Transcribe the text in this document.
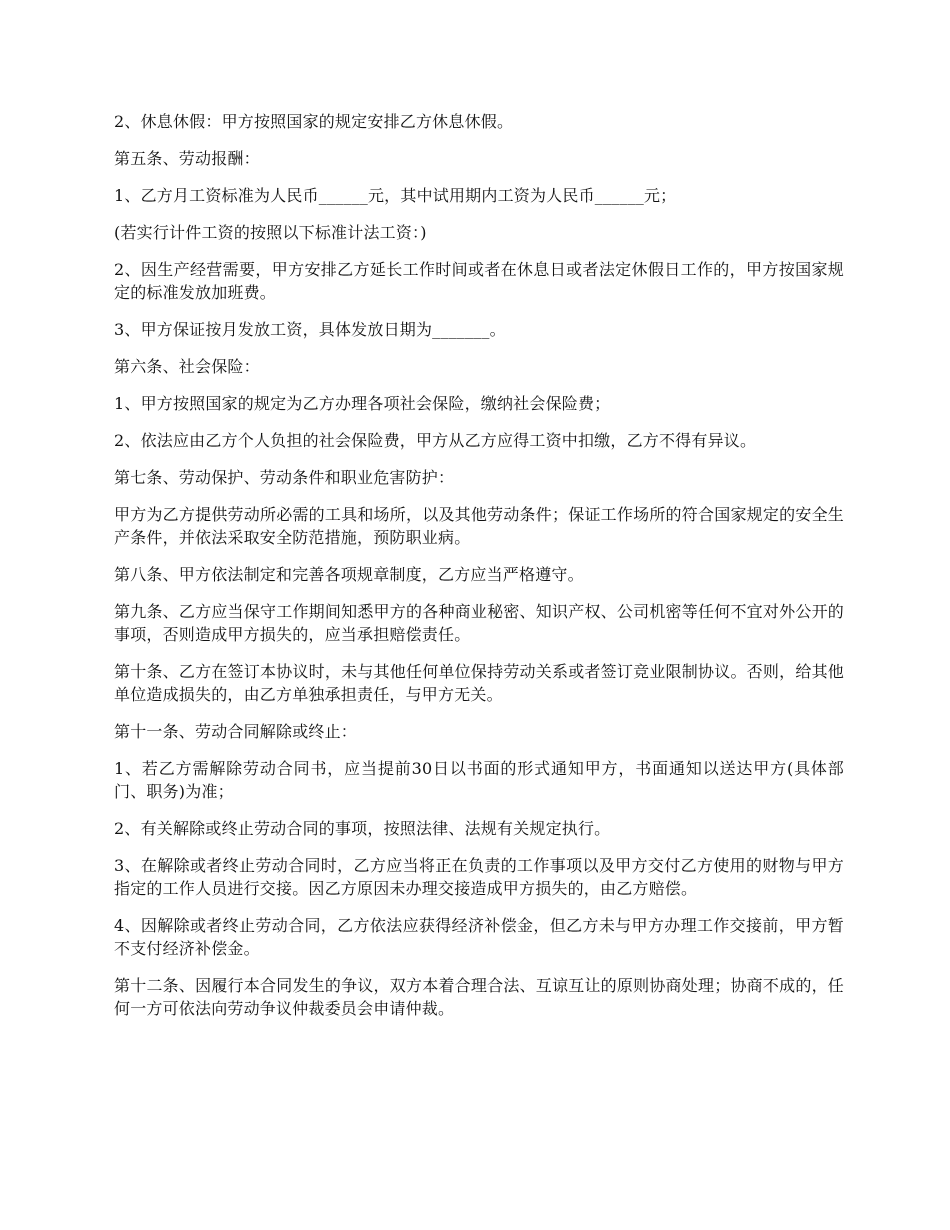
2、休息休假：甲方按照国家的规定安排乙方休息休假。

第五条、劳动报酬：

1、乙方月工资标准为人民币______元，其中试用期内工资为人民币______元；

(若实行计件工资的按照以下标准计法工资：)

2、因生产经营需要，甲方安排乙方延长工作时间或者在休息日或者法定休假日工作的，甲方按国家规定的标准发放加班费。

3、甲方保证按月发放工资，具体发放日期为_______。

第六条、社会保险：

1、甲方按照国家的规定为乙方办理各项社会保险，缴纳社会保险费；

2、依法应由乙方个人负担的社会保险费，甲方从乙方应得工资中扣缴，乙方不得有异议。

第七条、劳动保护、劳动条件和职业危害防护：

甲方为乙方提供劳动所必需的工具和场所，以及其他劳动条件；保证工作场所的符合国家规定的安全生产条件，并依法采取安全防范措施，预防职业病。

第八条、甲方依法制定和完善各项规章制度，乙方应当严格遵守。

第九条、乙方应当保守工作期间知悉甲方的各种商业秘密、知识产权、公司机密等任何不宜对外公开的事项，否则造成甲方损失的，应当承担赔偿责任。

第十条、乙方在签订本协议时，未与其他任何单位保持劳动关系或者签订竞业限制协议。否则，给其他单位造成损失的，由乙方单独承担责任，与甲方无关。

第十一条、劳动合同解除或终止：

1、若乙方需解除劳动合同书，应当提前30日以书面的形式通知甲方，书面通知以送达甲方(具体部门、职务)为准；

2、有关解除或终止劳动合同的事项，按照法律、法规有关规定执行。

3、在解除或者终止劳动合同时，乙方应当将正在负责的工作事项以及甲方交付乙方使用的财物与甲方指定的工作人员进行交接。因乙方原因未办理交接造成甲方损失的，由乙方赔偿。

4、因解除或者终止劳动合同，乙方依法应获得经济补偿金，但乙方未与甲方办理工作交接前，甲方暂不支付经济补偿金。

第十二条、因履行本合同发生的争议，双方本着合理合法、互谅互让的原则协商处理；协商不成的，任何一方可依法向劳动争议仲裁委员会申请仲裁。
